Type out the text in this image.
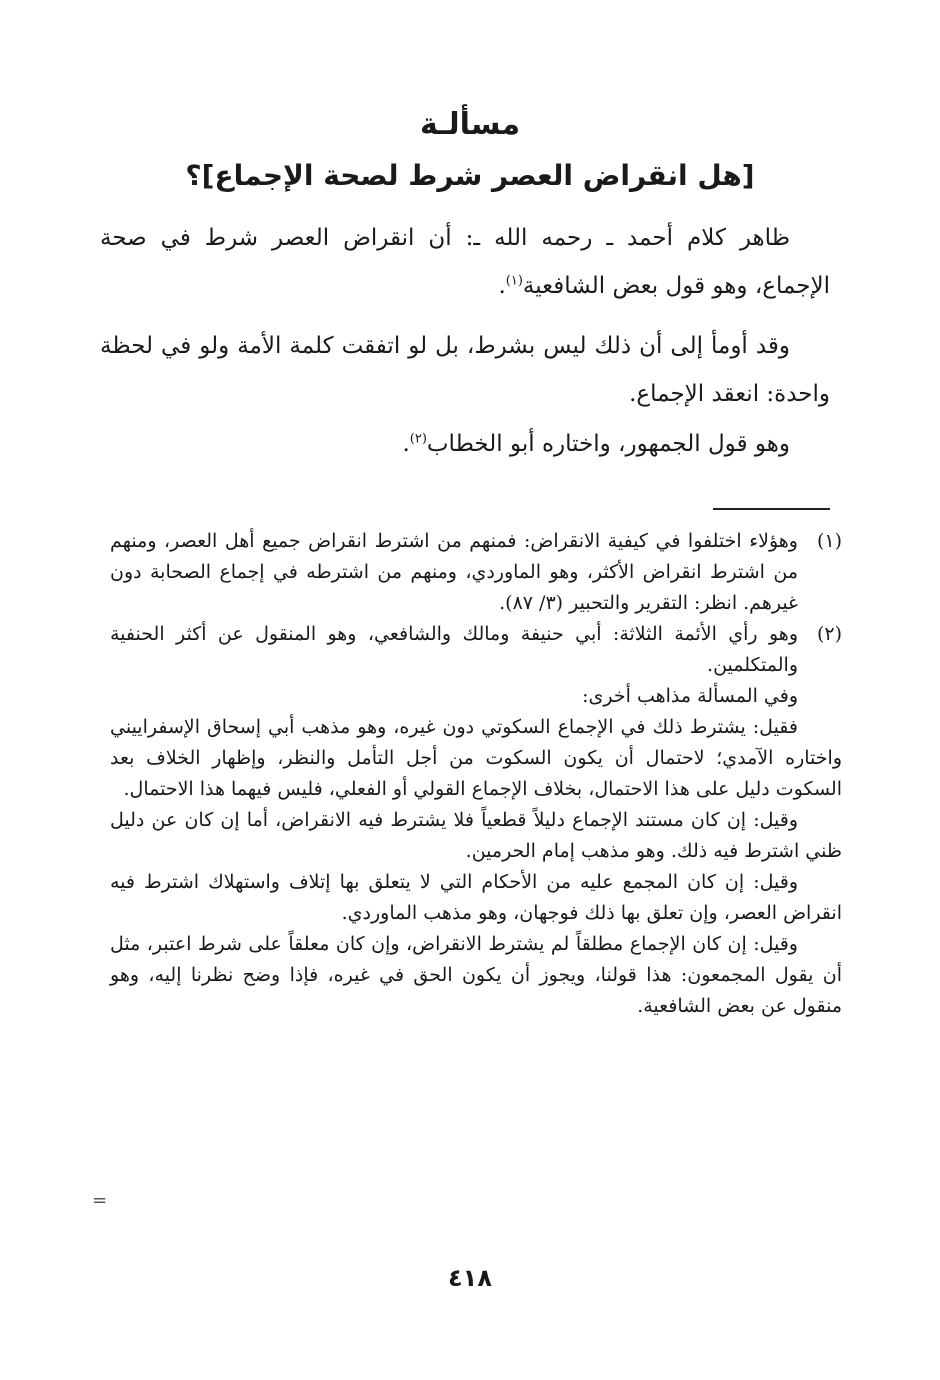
مسألـة
[هل انقراض العصر شرط لصحة الإجماع]؟

ظاهر كلام أحمد ـ رحمه الله ـ: أن انقراض العصر شرط في صحة الإجماع، وهو قول بعض الشافعية$^{(١)}$.

وقد أومأ إلى أن ذلك ليس بشرط، بل لو اتفقت كلمة الأمة ولو في لحظة واحدة: انعقد الإجماع.

وهو قول الجمهور، واختاره أبو الخطاب$^{(٢)}$.

(١)
وهؤلاء اختلفوا في كيفية الانقراض: فمنهم من اشترط انقراض جميع أهل العصر، ومنهم من اشترط انقراض الأكثر، وهو الماوردي، ومنهم من اشترطه في إجماع الصحابة دون غيرهم. انظر: التقرير والتحبير (٣/ ٨٧).
(٢)
وهو رأي الأئمة الثلاثة: أبي حنيفة ومالك والشافعي، وهو المنقول عن أكثر الحنفية والمتكلمين.
وفي المسألة مذاهب أخرى:
فقيل: يشترط ذلك في الإجماع السكوتي دون غيره، وهو مذهب أبي إسحاق الإسفراييني واختاره الآمدي؛ لاحتمال أن يكون السكوت من أجل التأمل والنظر، وإظهار الخلاف بعد السكوت دليل على هذا الاحتمال، بخلاف الإجماع القولي أو الفعلي، فليس فيهما هذا الاحتمال.
وقيل: إن كان مستند الإجماع دليلاً قطعياً فلا يشترط فيه الانقراض، أما إن كان عن دليل ظني اشترط فيه ذلك. وهو مذهب إمام الحرمين.
وقيل: إن كان المجمع عليه من الأحكام التي لا يتعلق بها إتلاف واستهلاك اشترط فيه انقراض العصر، وإن تعلق بها ذلك فوجهان، وهو مذهب الماوردي.
وقيل: إن كان الإجماع مطلقاً لم يشترط الانقراض، وإن كان معلقاً على شرط اعتبر، مثل أن يقول المجمعون: هذا قولنا، ويجوز أن يكون الحق في غيره، فإذا وضح نظرنا إليه، وهو منقول عن بعض الشافعية.
=
٤١٨
